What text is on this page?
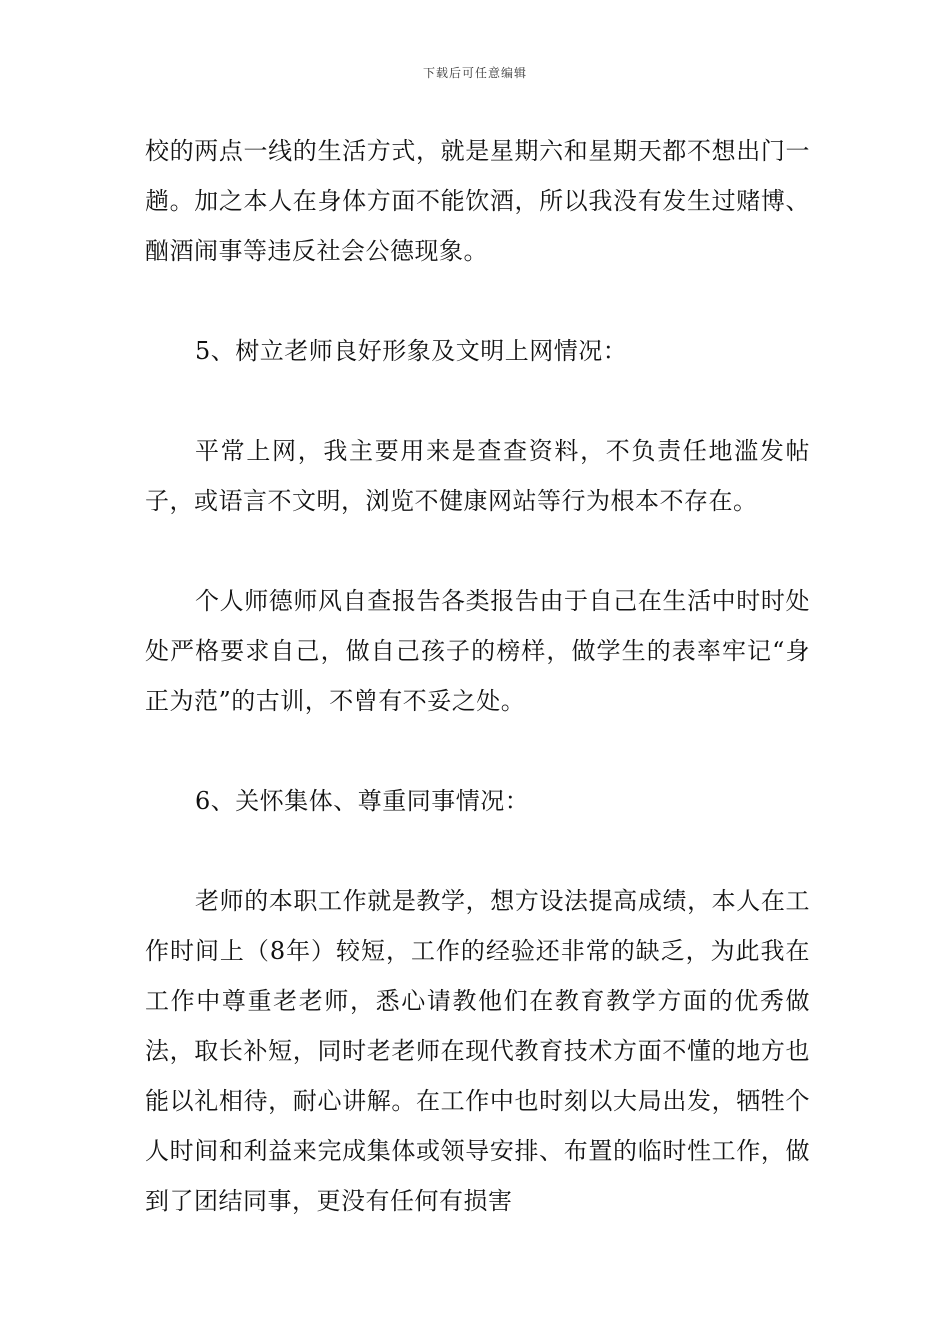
下载后可任意编辑

校的两点一线的生活方式，就是星期六和星期天都不想出门一趟。加之本人在身体方面不能饮酒，所以我没有发生过赌博、酗酒闹事等违反社会公德现象。

5、树立老师良好形象及文明上网情况：

平常上网，我主要用来是查查资料，不负责任地滥发帖子，或语言不文明，浏览不健康网站等行为根本不存在。

个人师德师风自查报告各类报告由于自己在生活中时时处处严格要求自己，做自己孩子的榜样，做学生的表率牢记“身正为范”的古训，不曾有不妥之处。

6、关怀集体、尊重同事情况：

老师的本职工作就是教学，想方设法提高成绩，本人在工作时间上（8年）较短，工作的经验还非常的缺乏，为此我在工作中尊重老老师，悉心请教他们在教育教学方面的优秀做法，取长补短，同时老老师在现代教育技术方面不懂的地方也能以礼相待，耐心讲解。在工作中也时刻以大局出发，牺牲个人时间和利益来完成集体或领导安排、布置的临时性工作，做到了团结同事，更没有任何有损害
